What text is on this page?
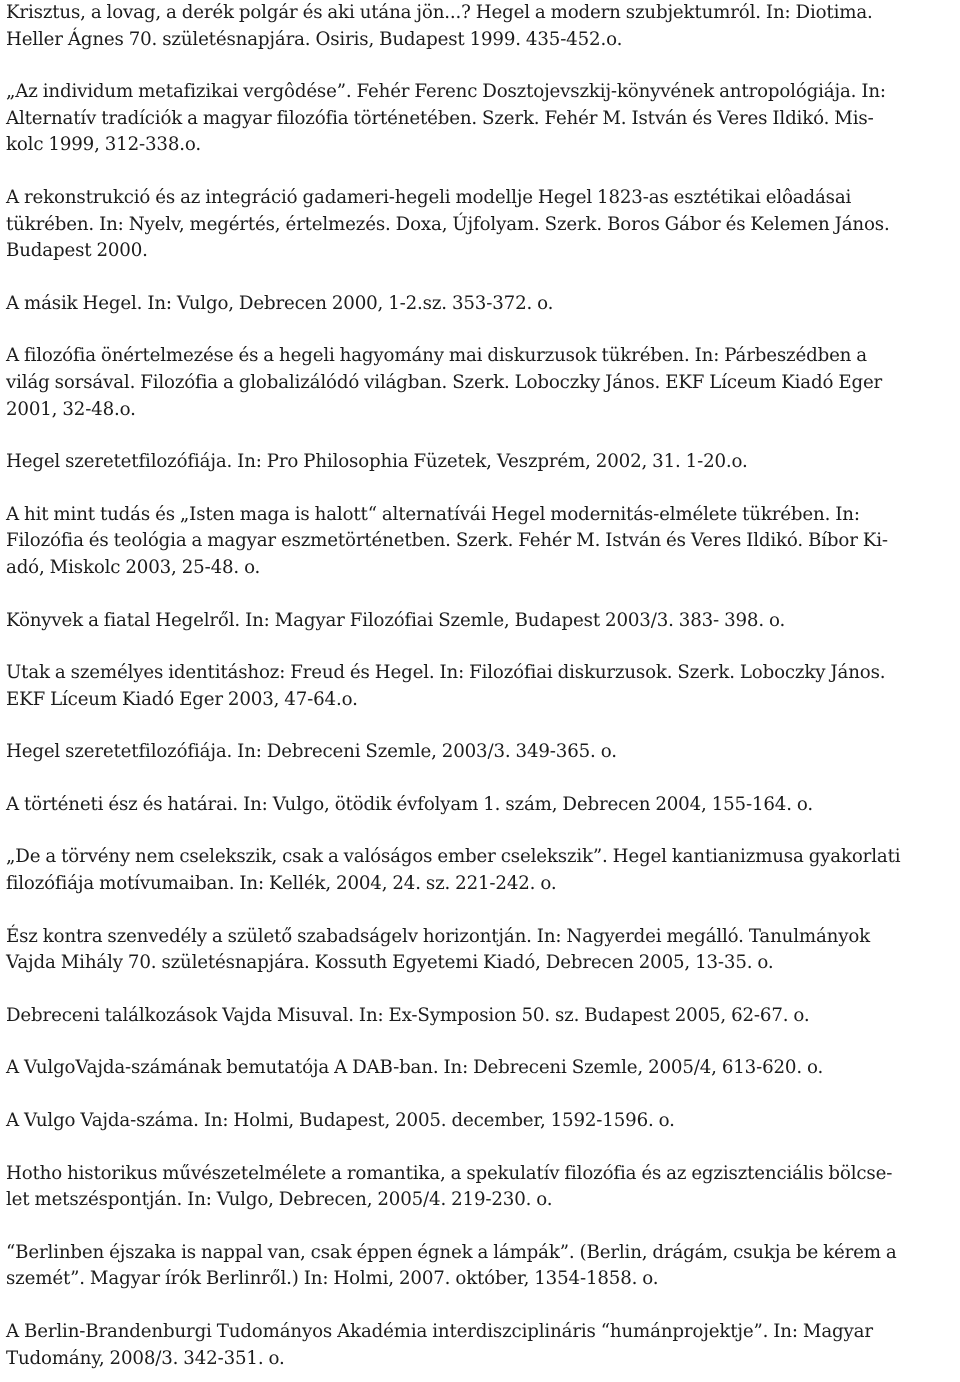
Krisztus, a lovag, a derék polgár és aki utána jön...? Hegel a modern szubjektumról. In: Diotima.
Heller Ágnes 70. születésnapjára. Osiris, Budapest 1999. 435-452.o.

„Az individum metafizikai vergôdése”. Fehér Ferenc Dosztojevszkij-könyvének antropológiája. In:
Alternatív tradíciók a magyar filozófia történetében. Szerk. Fehér M. István és Veres Ildikó. Mis-
kolc 1999, 312-338.o.

A rekonstrukció és az integráció gadameri-hegeli modellje Hegel 1823-as esztétikai elôadásai
tükrében. In: Nyelv, megértés, értelmezés. Doxa, Újfolyam. Szerk. Boros Gábor és Kelemen János.
Budapest 2000.

A másik Hegel. In: Vulgo, Debrecen 2000, 1-2.sz. 353-372. o.

A filozófia önértelmezése és a hegeli hagyomány mai diskurzusok tükrében. In: Párbeszédben a
világ sorsával. Filozófia a globalizálódó világban. Szerk. Loboczky János. EKF Líceum Kiadó Eger
2001, 32-48.o.

Hegel szeretetfilozófiája. In: Pro Philosophia Füzetek, Veszprém, 2002, 31. 1-20.o.

A hit mint tudás és „Isten maga is halott“ alternatívái Hegel modernitás-elmélete tükrében. In:
Filozófia és teológia a magyar eszmetörténetben. Szerk. Fehér M. István és Veres Ildikó. Bíbor Ki-
adó, Miskolc 2003, 25-48. o.

Könyvek a fiatal Hegelről. In: Magyar Filozófiai Szemle, Budapest 2003/3. 383- 398. o.

Utak a személyes identitáshoz: Freud és Hegel. In: Filozófiai diskurzusok. Szerk. Loboczky János.
EKF Líceum Kiadó Eger 2003, 47-64.o.

Hegel szeretetfilozófiája. In: Debreceni Szemle, 2003/3. 349-365. o.

A történeti ész és határai. In: Vulgo, ötödik évfolyam 1. szám, Debrecen 2004, 155-164. o.

„De a törvény nem cselekszik, csak a valóságos ember cselekszik”. Hegel kantianizmusa gyakorlati
filozófiája motívumaiban. In: Kellék, 2004, 24. sz. 221-242. o.

Ész kontra szenvedély a születő szabadságelv horizontján. In: Nagyerdei megálló. Tanulmányok
Vajda Mihály 70. születésnapjára. Kossuth Egyetemi Kiadó, Debrecen 2005, 13-35. o.

Debreceni találkozások Vajda Misuval. In: Ex-Symposion 50. sz. Budapest 2005, 62-67. o.

A VulgoVajda-számának bemutatója A DAB-ban. In: Debreceni Szemle, 2005/4, 613-620. o.

A Vulgo Vajda-száma. In: Holmi, Budapest, 2005. december, 1592-1596. o.

Hotho historikus művészetelmélete a romantika, a spekulatív filozófia és az egzisztenciális bölcse-
let metszéspontján. In: Vulgo, Debrecen, 2005/4. 219-230. o.

“Berlinben éjszaka is nappal van, csak éppen égnek a lámpák”. (Berlin, drágám, csukja be kérem a
szemét”. Magyar írók Berlinről.) In: Holmi, 2007. október, 1354-1858. o.

A Berlin-Brandenburgi Tudományos Akadémia interdiszciplináris “humánprojektje”. In: Magyar
Tudomány, 2008/3. 342-351. o.
